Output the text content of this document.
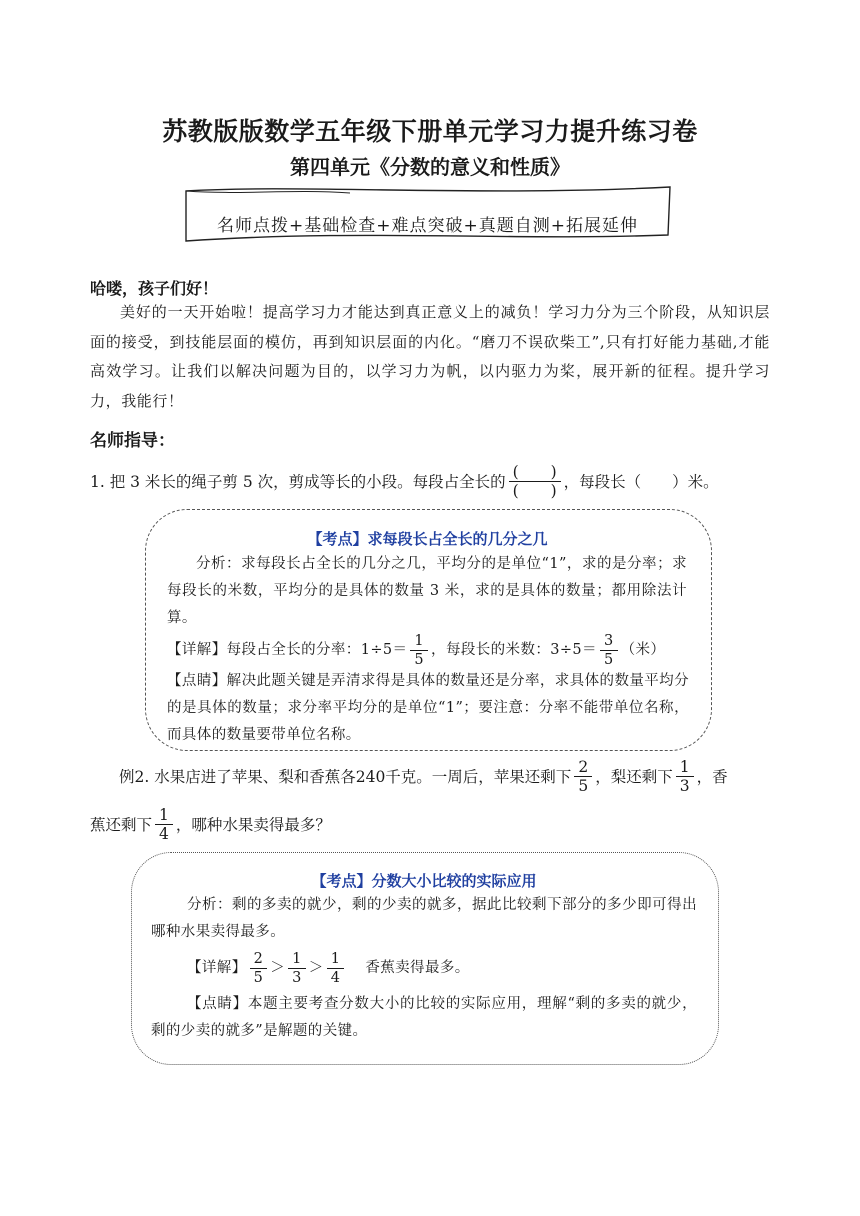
苏教版版数学五年级下册单元学习力提升练习卷
第四单元《分数的意义和性质》
名师点拨+基础检查+难点突破+真题自测+拓展延伸
哈喽，孩子们好！
美好的一天开始啦！提高学习力才能达到真正意义上的减负！学习力分为三个阶段，从知识层面的接受，到技能层面的模仿，再到知识层面的内化。“磨刀不误砍柴工”,只有打好能力基础,才能高效学习。让我们以解决问题为目的，以学习力为帆，以内驱力为桨，展开新的征程。提升学习力，我能行！
名师指导：
1. 把 3 米长的绳子剪 5 次，剪成等长的小段。每段占全长的 $\frac{( )}{( )}$ ，每段长（　　）米。
【考点】求每段长占全长的几分之几
分析：求每段长占全长的几分之几，平均分的是单位“1”，求的是分率；求每段长的米数，平均分的是具体的数量 3 米，求的是具体的数量；都用除法计算。
【详解】每段占全长的分率：$1\div 5= \frac{1}{5}$ ，每段长的米数：$3\div 5= \frac{3}{5}$ （米）
【点睛】解决此题关键是弄清求得是具体的数量还是分率，求具体的数量平均分的是具体的数量；求分率平均分的是单位“1”；要注意：分率不能带单位名称，而具体的数量要带单位名称。
例2. 水果店进了苹果、梨和香蕉各240千克。一周后，苹果还剩下 $\frac{2}{5}$ ，梨还剩下 $\frac{1}{3}$ ，香
蕉还剩下 $\frac{1}{4}$ ，哪种水果卖得最多？
【考点】分数大小比较的实际应用
分析：剩的多卖的就少，剩的少卖的就多，据此比较剩下部分的多少即可得出哪种水果卖得最多。
【详解】 $\frac{2}{5} > \frac{1}{3} > \frac{1}{4}$ 香蕉卖得最多。
【点睛】本题主要考查分数大小的比较的实际应用，理解“剩的多卖的就少，剩的少卖的就多”是解题的关键。
